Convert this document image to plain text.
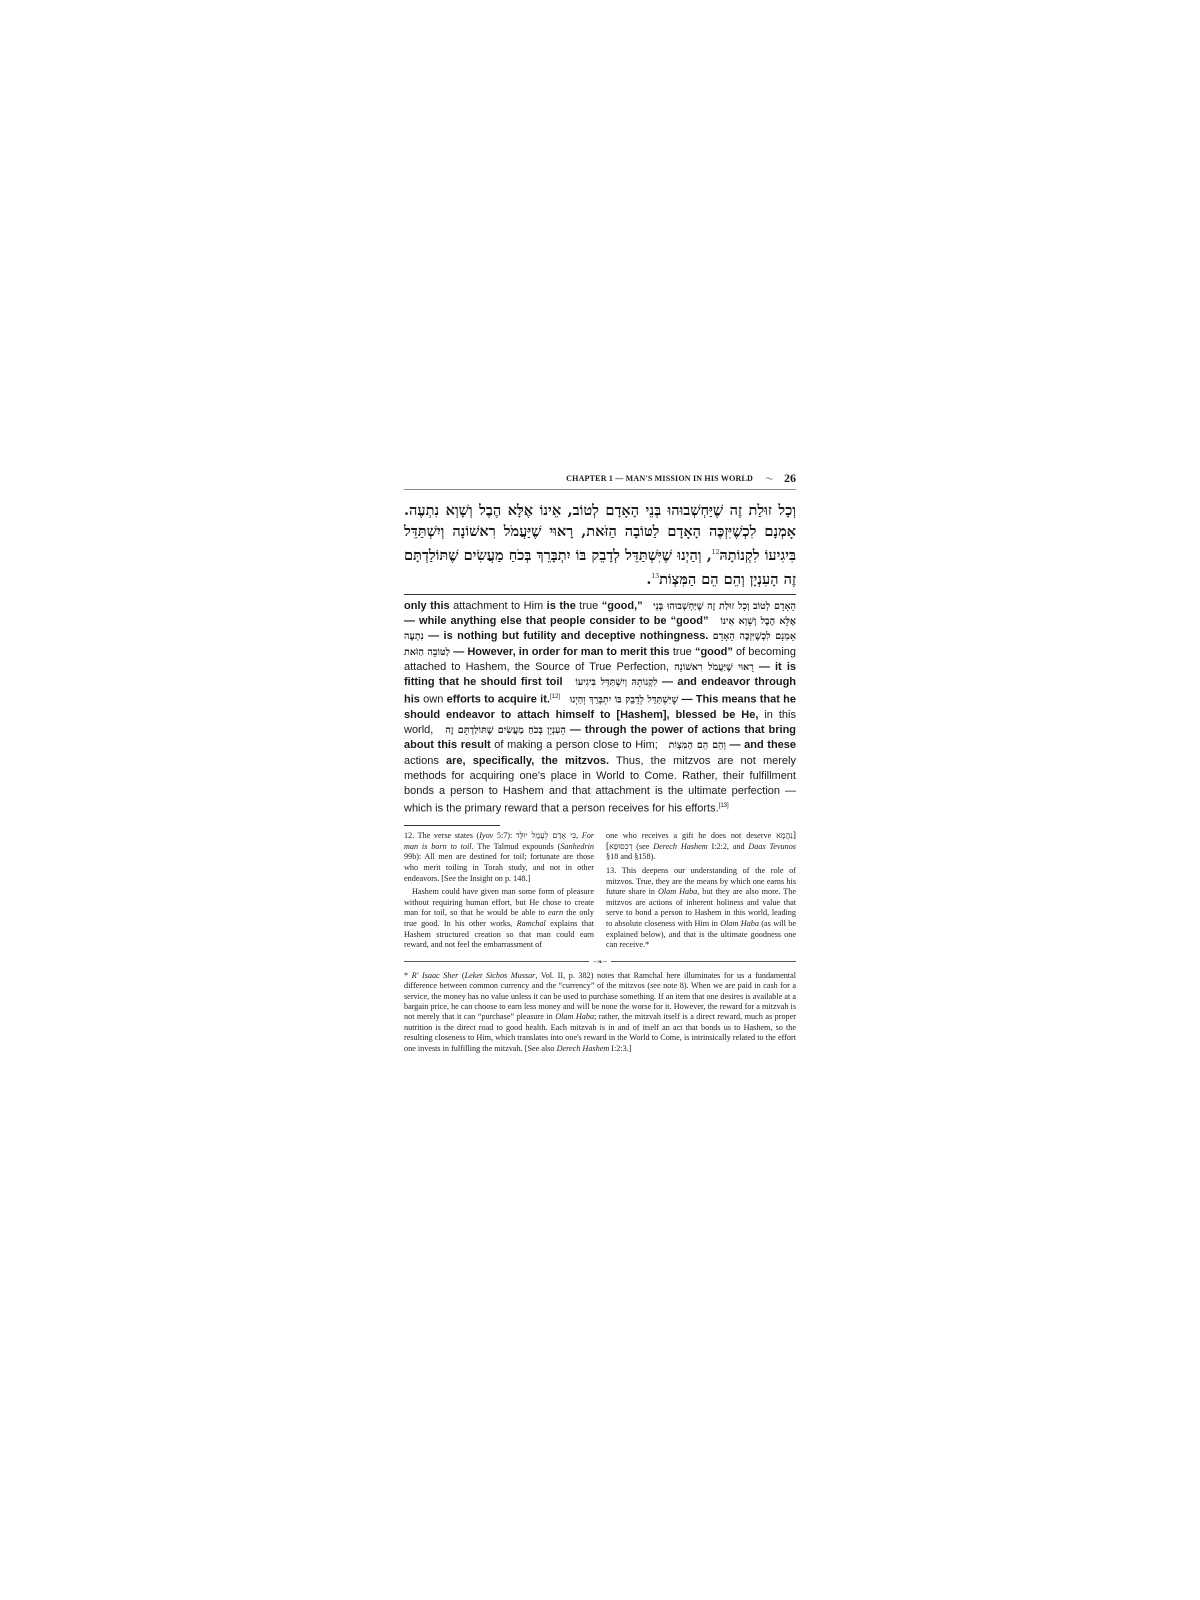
CHAPTER 1 — MAN'S MISSION IN HIS WORLD 〜 26
וְכָל זוּלַת זֶה שֶׁיַּחְשְׁבוּהוּ בְּנֵי הָאָדָם לְטוֹב, אֵינוֹ אֶלָּא הֶבֶל וְשָׁוְא נִתְעֶה. אָמְנָם לִכְשֶׁיִּזְכֶּה הָאָדָם לַטּוֹבָה הַזֹּאת, רָאוּי שֶׁיַּעֲמֹל רִאשׁוֹנָה וְיִשְׁתַּדֵּל בִּיגִיעוֹ לִקְנוֹתָהּ$^{12}$, וְהַיְנוּ שֶׁיִּשְׁתַּדֵּל לְדָבֵק בּוֹ יִתְבָּרֵךְ בְּכֹחַ מַעֲשִׂים שֶׁתּוֹלַדְתָּם זֶה הָעִנְיָן וְהֵם הֵם הַמִּצְוֹת$^{13}$.
only this attachment to Him is the true “good,” וְכָל זוּלַת זֶה שֶׁיַּחְשְׁבוּהוּ בְּנֵי הָאָדָם לְטוֹב — while anything else that people consider to be “good” אֵינוֹ אֶלָּא הֶבֶל וְשָׁוְא נִתְעֶה — is nothing but futility and deceptive nothingness. אָמְנָם לִכְשֶׁיִּזְכֶּה הָאָדָם לַטּוֹבָה הַזֹּאת — However, in order for man to merit this true “good” of becoming attached to Hashem, the Source of True Perfection, רָאוּי שֶׁיַּעֲמֹל רִאשׁוֹנָה — it is fitting that he should first toil וְיִשְׁתַּדֵּל בִּיגִיעוֹ לִקְנוֹתָהּ — and endeavor through his own efforts to acquire it.[12] וְהַיְנוּ שֶׁיִּשְׁתַּדֵּל לְדָבֵק בּוֹ יִתְבָּרֵךְ — This means that he should endeavor to attach himself to [Hashem], blessed be He, in this world, בְּכֹחַ מַעֲשִׂים שֶׁתּוֹלַדְתָּם זֶה הָעִנְיָן — through the power of actions that bring about this result of making a person close to Him; וְהֵם הֵם הַמִּצְוֹת — and these actions are, specifically, the mitzvos. Thus, the mitzvos are not merely methods for acquiring one's place in World to Come. Rather, their fulfillment bonds a person to Hashem and that attachment is the ultimate perfection — which is the primary reward that a person receives for his efforts.[13]

12. The verse states (Iyov 5:7): כִּי אָדָם לְעָמָל יוּלָּד, For man is born to toil. The Talmud expounds (Sanhedrin 99b): All men are destined for toil; fortunate are those who merit toiling in Torah study, and not in other endeavors. [See the Insight on p. 148.]

Hashem could have given man some form of pleasure without requiring human effort, but He chose to create man for toil, so that he would be able to earn the only true good. In his other works, Ramchal explains that Hashem structured creation so that man could earn reward, and not feel the embarrassment of

one who receives a gift he does not deserve [נַהֲמָא דְכִסּוּפָא] (see Derech Hashem I:2:2, and Daas Tevunos §18 and §158).

13. This deepens our understanding of the role of mitzvos. True, they are the means by which one earns his future share in Olam Haba, but they are also more. The mitzvos are actions of inherent holiness and value that serve to bond a person to Hashem in this world, leading to absolute closeness with Him in Olam Haba (as will be explained below), and that is the ultimate goodness one can receive.*

~❧~
* R' Isaac Sher (Leket Sichos Mussar, Vol. II, p. 382) notes that Ramchal here illuminates for us a fundamental difference between common currency and the “currency” of the mitzvos (see note 8). When we are paid in cash for a service, the money has no value unless it can be used to purchase something. If an item that one desires is available at a bargain price, he can choose to earn less money and will be none the worse for it. However, the reward for a mitzvah is not merely that it can “purchase” pleasure in Olam Haba; rather, the mitzvah itself is a direct reward, much as proper nutrition is the direct road to good health. Each mitzvah is in and of itself an act that bonds us to Hashem, so the resulting closeness to Him, which translates into one's reward in the World to Come, is intrinsically related to the effort one invests in fulfilling the mitzvah. [See also Derech Hashem I:2:3.]
